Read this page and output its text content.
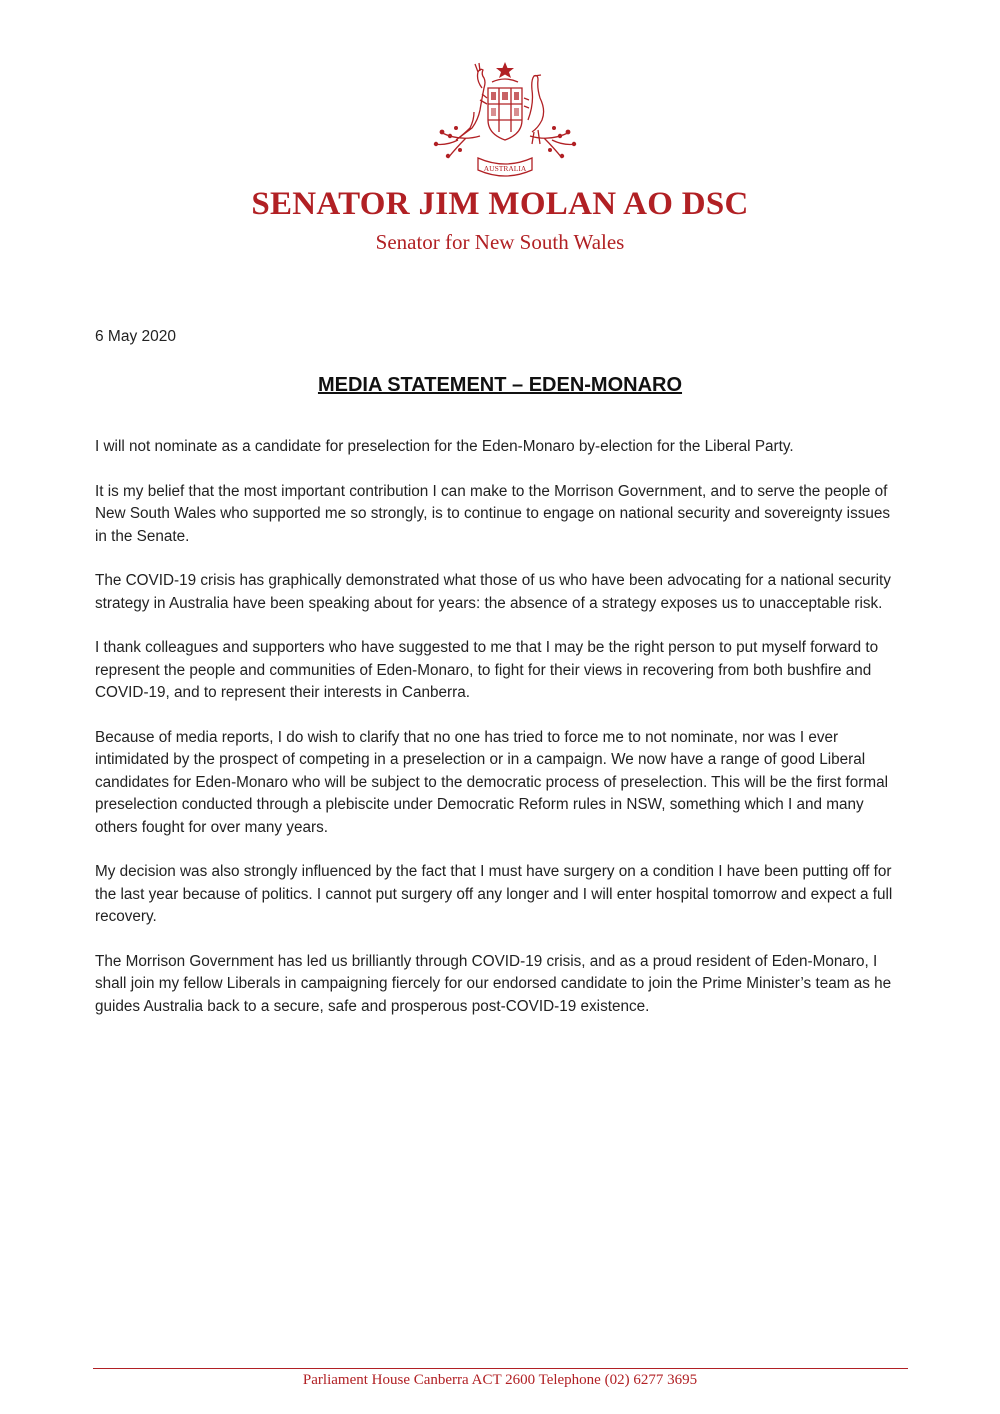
AUSTRALIA
SENATOR JIM MOLAN AO DSC
Senator for New South Wales
6 May 2020
MEDIA STATEMENT – EDEN-MONARO

I will not nominate as a candidate for preselection for the Eden-Monaro by-election for the Liberal Party.

It is my belief that the most important contribution I can make to the Morrison Government, and to serve the people of New South Wales who supported me so strongly, is to continue to engage on national security and sovereignty issues in the Senate.

The COVID-19 crisis has graphically demonstrated what those of us who have been advocating for a national security strategy in Australia have been speaking about for years: the absence of a strategy exposes us to unacceptable risk.

I thank colleagues and supporters who have suggested to me that I may be the right person to put myself forward to represent the people and communities of Eden-Monaro, to fight for their views in recovering from both bushfire and COVID-19, and to represent their interests in Canberra.

Because of media reports, I do wish to clarify that no one has tried to force me to not nominate, nor was I ever intimidated by the prospect of competing in a preselection or in a campaign. We now have a range of good Liberal candidates for Eden-Monaro who will be subject to the democratic process of preselection. This will be the first formal preselection conducted through a plebiscite under Democratic Reform rules in NSW, something which I and many others fought for over many years.

My decision was also strongly influenced by the fact that I must have surgery on a condition I have been putting off for the last year because of politics. I cannot put surgery off any longer and I will enter hospital tomorrow and expect a full recovery.

The Morrison Government has led us brilliantly through COVID-19 crisis, and as a proud resident of Eden-Monaro, I shall join my fellow Liberals in campaigning fiercely for our endorsed candidate to join the Prime Minister’s team as he guides Australia back to a secure, safe and prosperous post-COVID-19 existence.

Parliament House Canberra ACT 2600 Telephone (02) 6277 3695
